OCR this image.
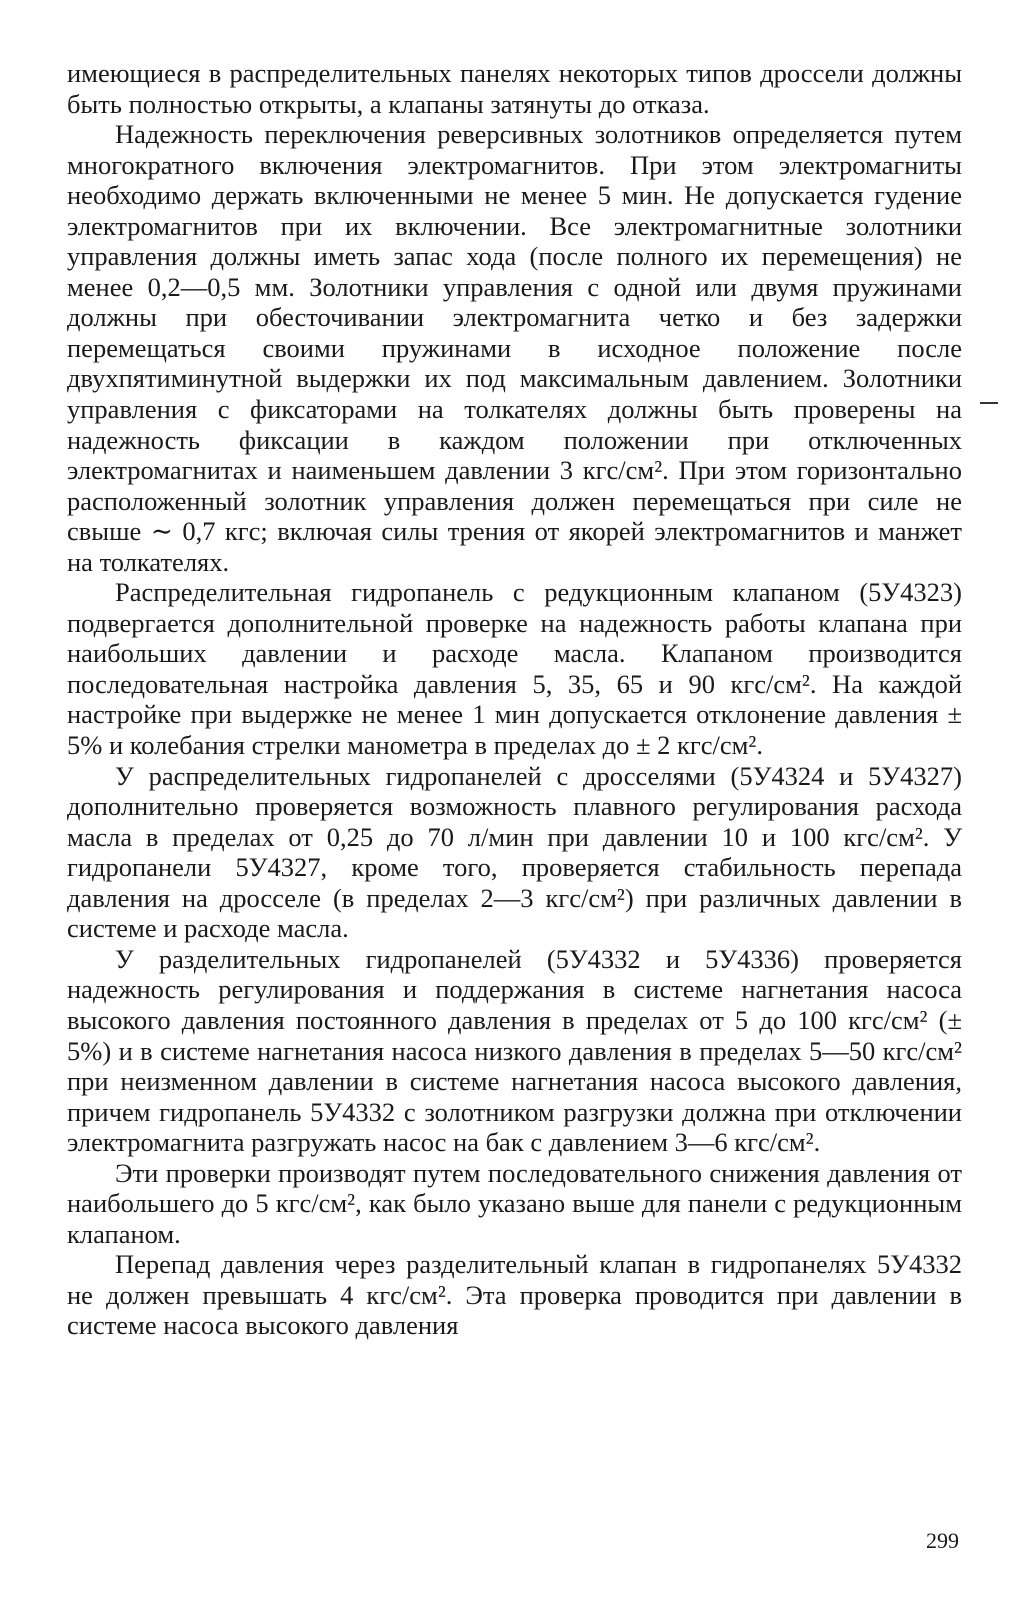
имеющиеся в распределительных панелях некоторых типов дроссели должны быть полностью открыты, а клапаны затянуты до отказа.

Надежность переключения реверсивных золотников определяется путем многократного включения электромагнитов. При этом электромагниты необходимо держать включенными не менее 5 мин. Не допускается гудение электромагнитов при их включении. Все электромагнитные золотники управления должны иметь запас хода (после полного их перемещения) не менее 0,2—0,5 мм. Золотники управления с одной или двумя пружинами должны при обесточивании электромагнита четко и без задержки перемещаться своими пружинами в исходное положение после двухпятиминутной выдержки их под максимальным давлением. Золотники управления с фиксаторами на толкателях должны быть проверены на надежность фиксации в каждом положении при отключенных электромагнитах и наименьшем давлении 3 кгс/см². При этом горизонтально расположенный золотник управления должен перемещаться при силе не свыше ∼ 0,7 кгс; включая силы трения от якорей электромагнитов и манжет на толкателях.

Распределительная гидропанель с редукционным клапаном (5У4323) подвергается дополнительной проверке на надежность работы клапана при наибольших давлении и расходе масла. Клапаном производится последовательная настройка давления 5, 35, 65 и 90 кгс/см². На каждой настройке при выдержке не менее 1 мин допускается отклонение давления ± 5% и колебания стрелки манометра в пределах до ± 2 кгс/см².

У распределительных гидропанелей с дросселями (5У4324 и 5У4327) дополнительно проверяется возможность плавного регулирования расхода масла в пределах от 0,25 до 70 л/мин при давлении 10 и 100 кгс/см². У гидропанели 5У4327, кроме того, проверяется стабильность перепада давления на дросселе (в пределах 2—3 кгс/см²) при различных давлении в системе и расходе масла.

У разделительных гидропанелей (5У4332 и 5У4336) проверяется надежность регулирования и поддержания в системе нагнетания насоса высокого давления постоянного давления в пределах от 5 до 100 кгс/см² (± 5%) и в системе нагнетания насоса низкого давления в пределах 5—50 кгс/см² при неизменном давлении в системе нагнетания насоса высокого давления, причем гидропанель 5У4332 с золотником разгрузки должна при отключении электромагнита разгружать насос на бак с давлением 3—6 кгс/см².

Эти проверки производят путем последовательного снижения давления от наибольшего до 5 кгс/см², как было указано выше для панели с редукционным клапаном.

Перепад давления через разделительный клапан в гидропанелях 5У4332 не должен превышать 4 кгс/см². Эта проверка проводится при давлении в системе насоса высокого давления

299
